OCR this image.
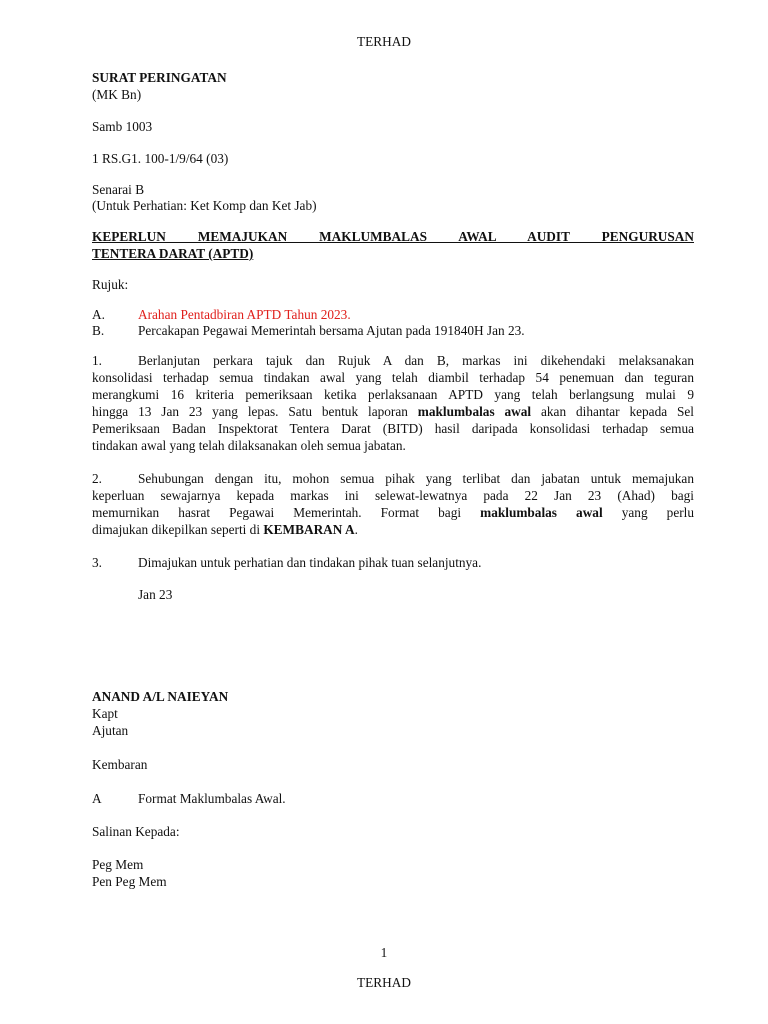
TERHAD
SURAT PERINGATAN
(MK Bn)
Samb 1003
1 RS.G1. 100-1/9/64 (03)
Senarai B
(Untuk Perhatian: Ket Komp dan Ket Jab)
KEPERLUN MEMAJUKAN MAKLUMBALAS AWAL AUDIT PENGURUSAN
TENTERA DARAT (APTD)
Rujuk:
A. Arahan Pentadbiran APTD Tahun 2023.
B.	Percakapan Pegawai Memerintah bersama Ajutan pada 191840H Jan 23.
1.	Berlanjutan perkara tajuk dan Rujuk A dan B, markas ini dikehendaki melaksanakan
konsolidasi terhadap semua tindakan awal yang telah diambil terhadap 54 penemuan dan teguran
merangkumi 16 kriteria pemeriksaan ketika perlaksanaan APTD yang telah berlangsung mulai 9
hingga 13 Jan 23 yang lepas. Satu bentuk laporan maklumbalas awal akan dihantar kepada Sel
Pemeriksaan Badan Inspektorat Tentera Darat (BITD) hasil daripada konsolidasi terhadap semua
tindakan awal yang telah dilaksanakan oleh semua jabatan.
2.	Sehubungan dengan itu, mohon semua pihak yang terlibat dan jabatan untuk memajukan
keperluan sewajarnya kepada markas ini selewat-lewatnya pada 22 Jan 23 (Ahad) bagi
memurnikan hasrat Pegawai Memerintah. Format bagi maklumbalas awal yang perlu
dimajukan dikepilkan seperti di KEMBARAN A.
3.	Dimajukan untuk perhatian dan tindakan pihak tuan selanjutnya.
Jan 23
ANAND A/L NAIEYAN
Kapt
Ajutan
Kembaran
A	Format Maklumbalas Awal.
Salinan Kepada:
Peg Mem
Pen Peg Mem
1
TERHAD
